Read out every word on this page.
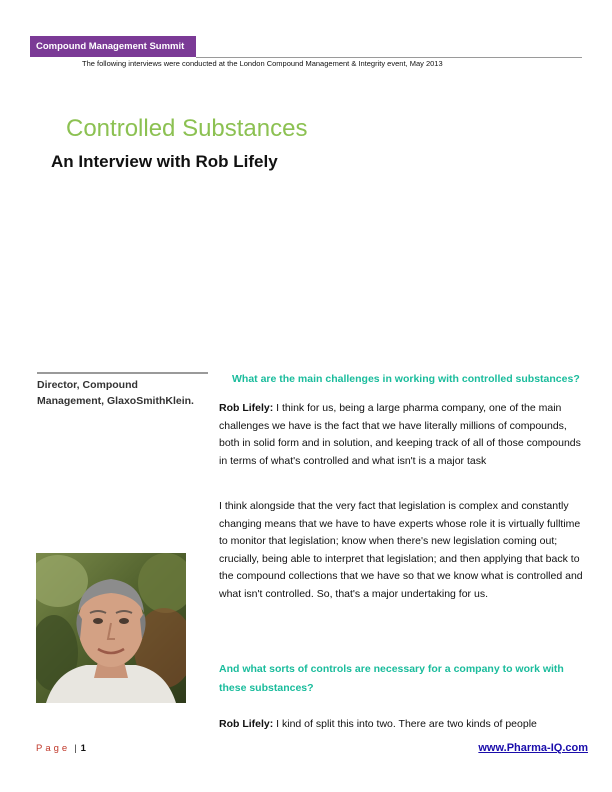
Compound Management Summit
The following interviews were conducted at the London Compound Management & Integrity event, May 2013
Controlled Substances
An Interview with Rob Lifely
Director, Compound Management, GlaxoSmithKlein.
What are the main challenges in working with controlled substances?
Rob Lifely: I think for us, being a large pharma company, one of the main challenges we have is the fact that we have literally millions of compounds, both in solid form and in solution, and keeping track of all of those compounds in terms of what's controlled and what isn't is a major task
I think alongside that the very fact that legislation is complex and constantly changing means that we have to have experts whose role it is virtually fulltime to monitor that legislation; know when there's new legislation coming out; crucially, being able to interpret that legislation; and then applying that back to the compound collections that we have so that we know what is controlled and what isn't controlled. So, that's a major undertaking for us.
And what sorts of controls are necessary for a company to work with these substances?
Rob Lifely: I kind of split this into two. There are two kinds of people
Page | 1	www.Pharma-IQ.com
